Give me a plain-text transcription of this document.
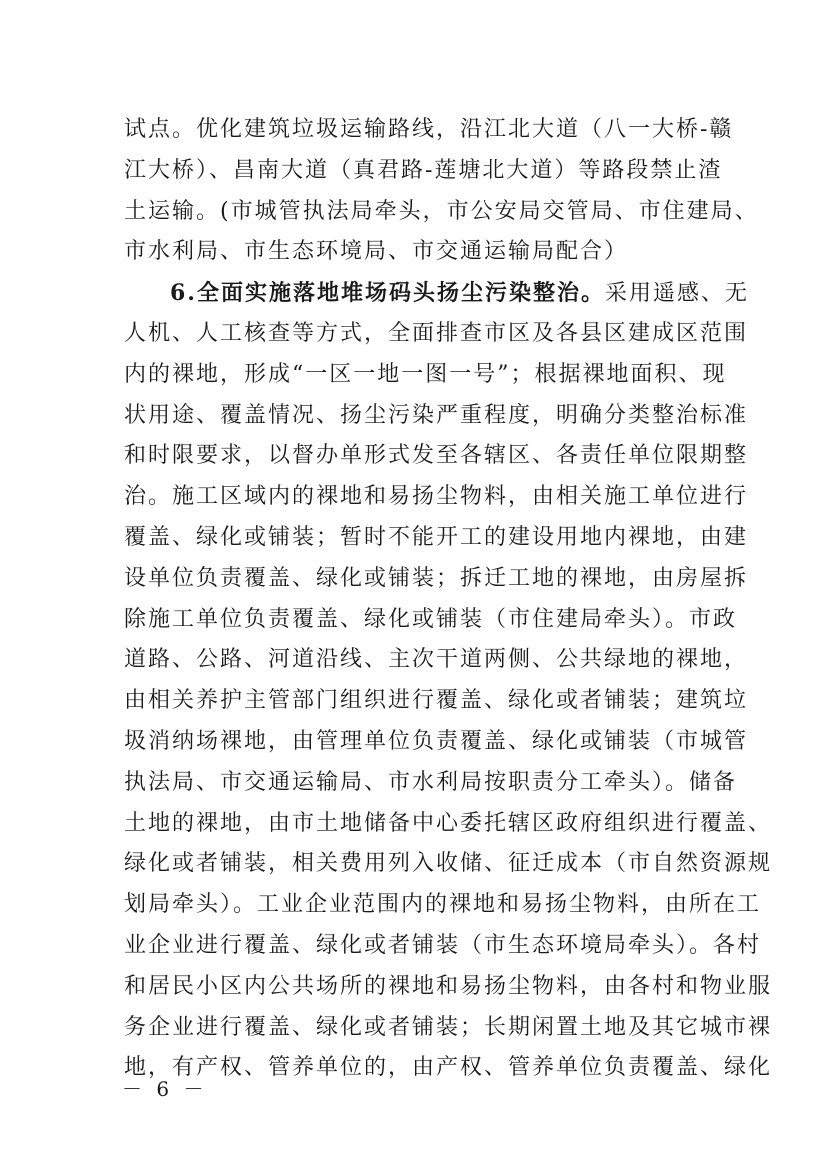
试点。优化建筑垃圾运输路线，沿江北大道（八一大桥-赣
江大桥）、昌南大道（真君路-莲塘北大道）等路段禁止渣
土运输。(市城管执法局牵头，市公安局交管局、市住建局、
市水利局、市生态环境局、市交通运输局配合）
6.全面实施落地堆场码头扬尘污染整治。采用遥感、无
人机、人工核查等方式，全面排查市区及各县区建成区范围
内的裸地，形成“一区一地一图一号”；根据裸地面积、现
状用途、覆盖情况、扬尘污染严重程度，明确分类整治标准
和时限要求，以督办单形式发至各辖区、各责任单位限期整
治。施工区域内的裸地和易扬尘物料，由相关施工单位进行
覆盖、绿化或铺装；暂时不能开工的建设用地内裸地，由建
设单位负责覆盖、绿化或铺装；拆迁工地的裸地，由房屋拆
除施工单位负责覆盖、绿化或铺装（市住建局牵头）。市政
道路、公路、河道沿线、主次干道两侧、公共绿地的裸地，
由相关养护主管部门组织进行覆盖、绿化或者铺装；建筑垃
圾消纳场裸地，由管理单位负责覆盖、绿化或铺装（市城管
执法局、市交通运输局、市水利局按职责分工牵头）。储备
土地的裸地，由市土地储备中心委托辖区政府组织进行覆盖、
绿化或者铺装，相关费用列入收储、征迁成本（市自然资源规
划局牵头）。工业企业范围内的裸地和易扬尘物料，由所在工
业企业进行覆盖、绿化或者铺装（市生态环境局牵头）。各村
和居民小区内公共场所的裸地和易扬尘物料，由各村和物业服
务企业进行覆盖、绿化或者铺装；长期闲置土地及其它城市裸
－ 6 －
地，有产权、管养单位的，由产权、管养单位负责覆盖、绿化
